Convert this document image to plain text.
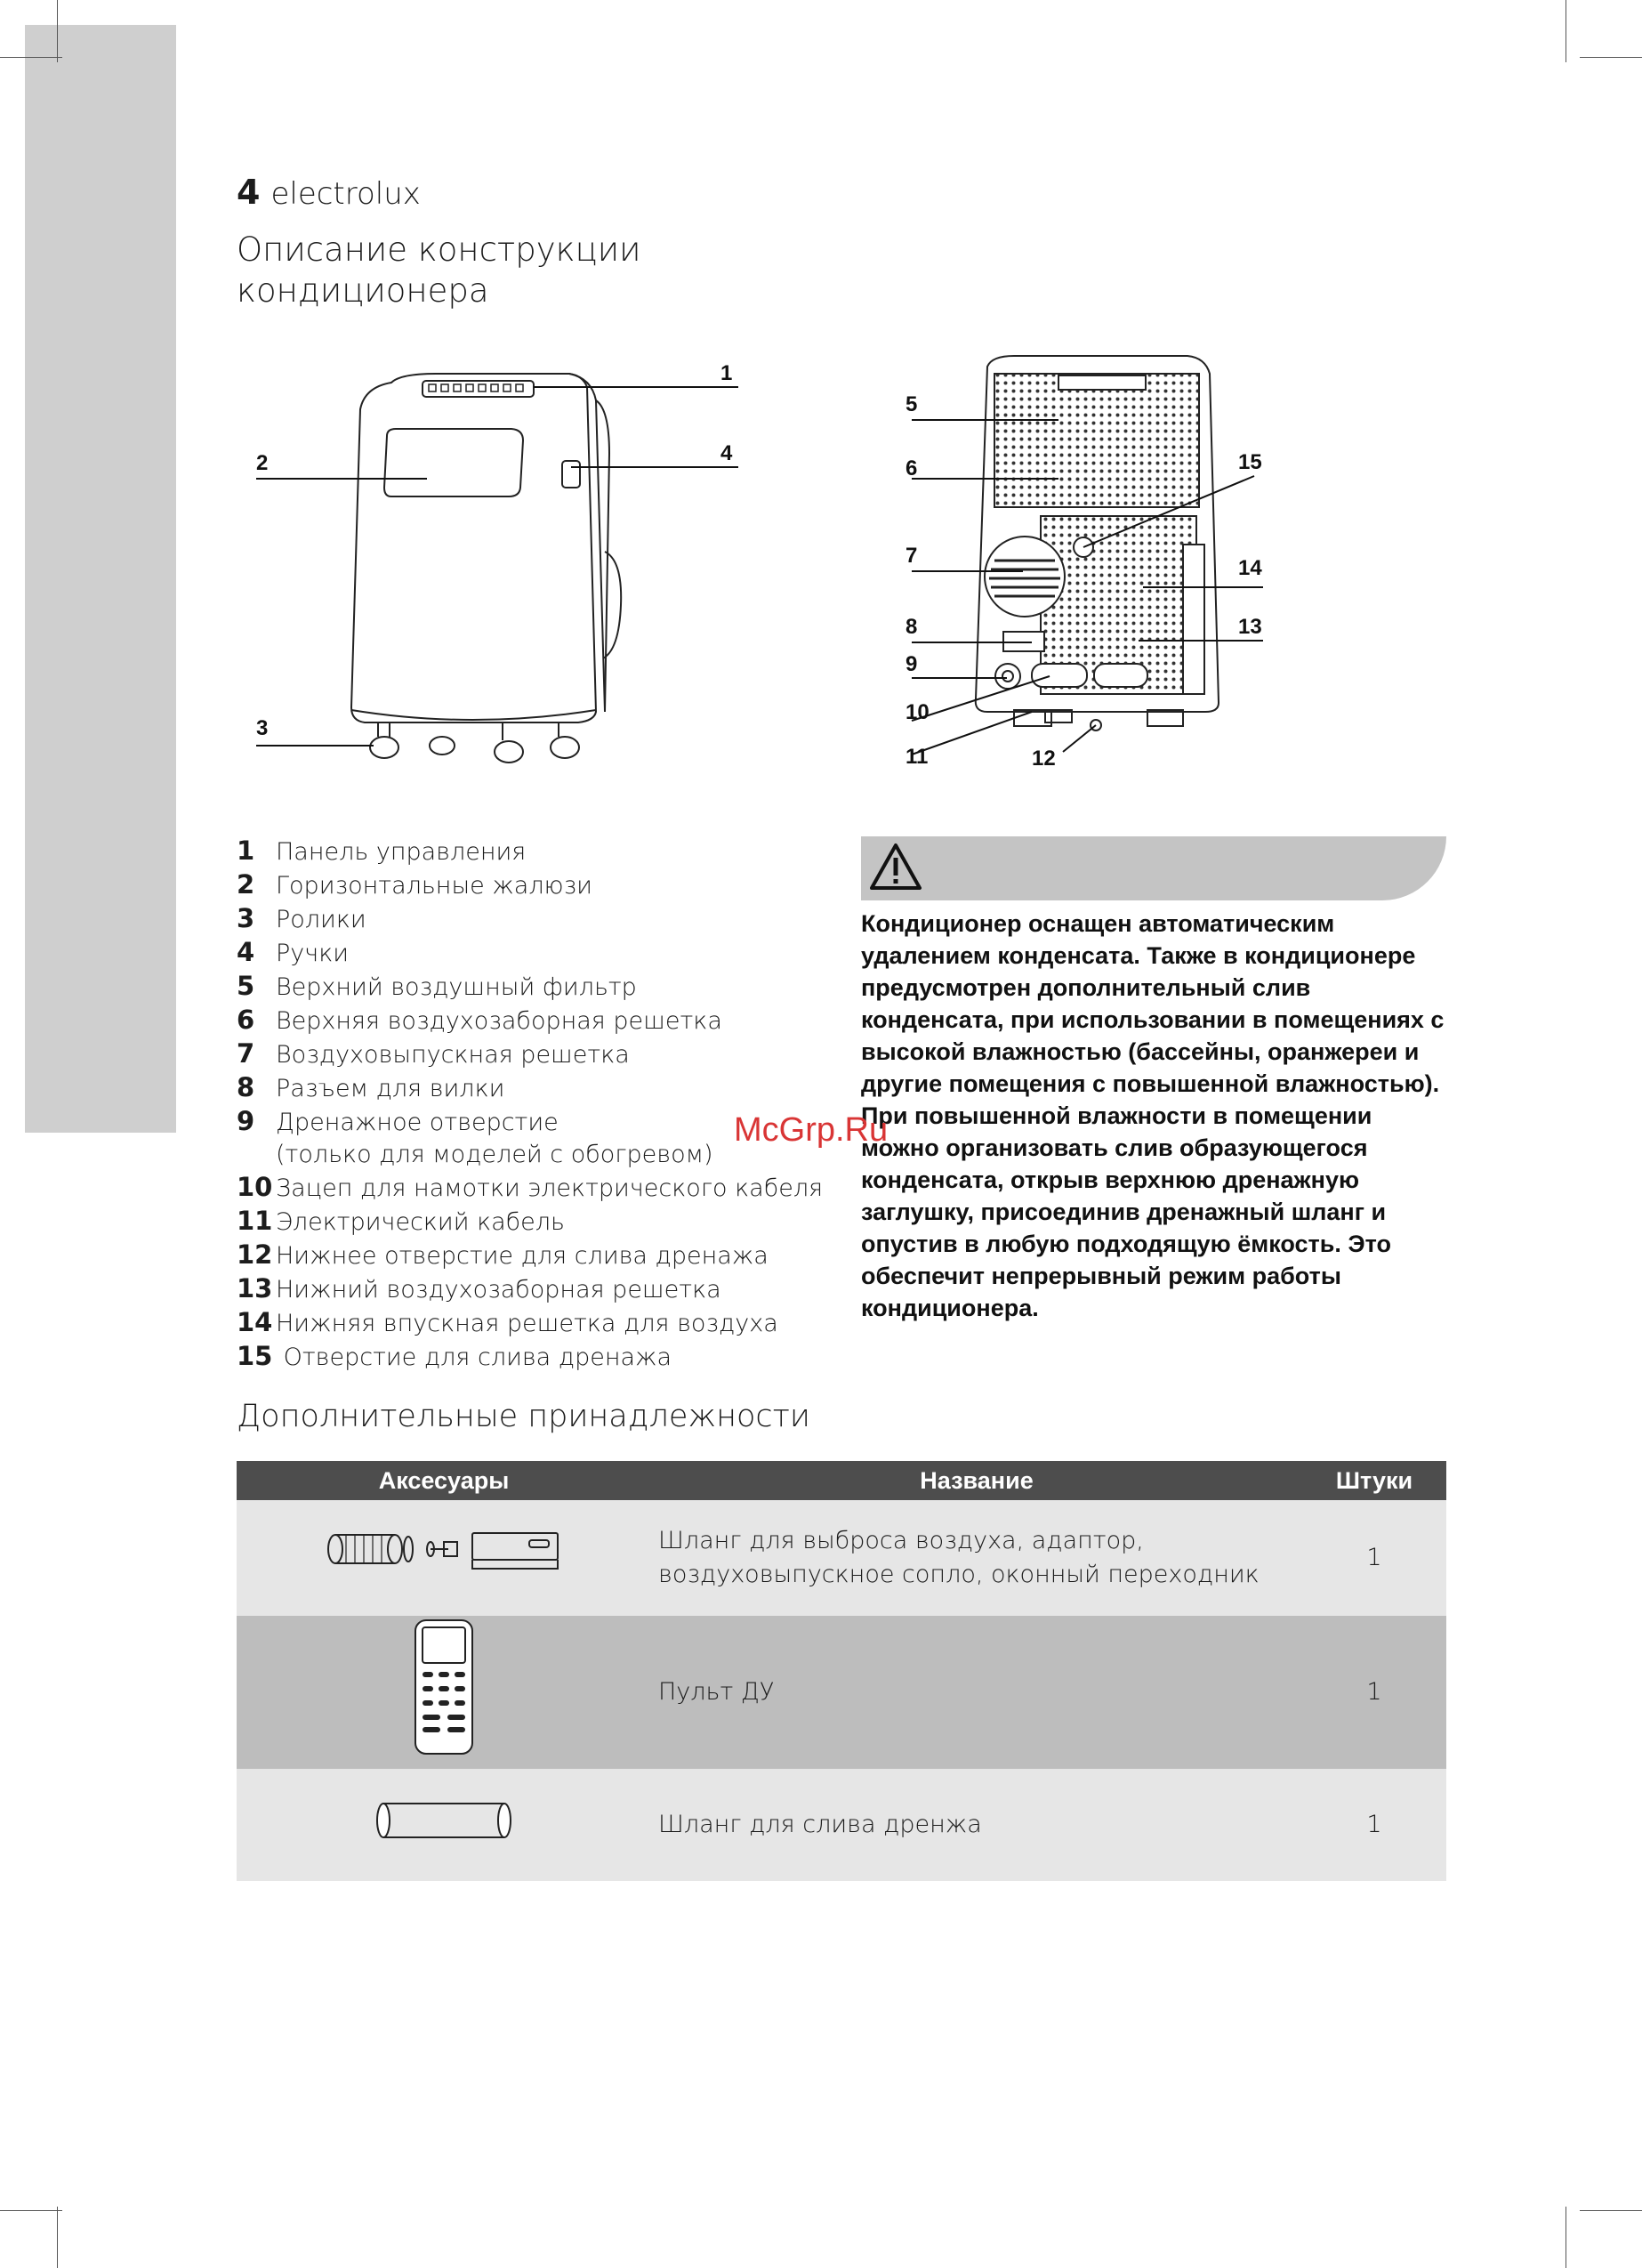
4 electrolux
Описание конструкции кондиционера
1
2	4
3
5
6
7
8
9
10
11	12
13
14
15
1 Панель управления
2 Горизонтальные жалюзи
3 Ролики
4 Ручки
5 Верхний воздушный фильтр
6 Верхняя воздухозаборная решетка
7 Воздуховыпускная решетка
8 Разъем для вилки
9 Дренажное отверстие
(только для моделей с обогревом)
10 Зацеп для намотки электрического кабеля
11 Электрический кабель
12 Нижнее отверстие для слива дренажа
13 Нижний воздухозаборная решетка
14 Нижняя впускная решетка для воздуха
15 Отверстие для слива дренажа
Кондиционер оснащен автоматическим удалением конденсата. Также в кондиционере предусмотрен дополнительный слив конденсата, при использовании в помещениях с высокой влажностью (бассейны, оранжереи и другие помещения с повышенной влажностью). При повышенной влажности в помещении можно организовать слив образующегося конденсата, открыв верхнюю дренажную заглушку, присоединив дренажный шланг и опустив в любую подходящую ёмкость. Это обеспечит непрерывный режим работы кондиционера.
McGrp.Ru
Дополнительные принадлежности
Аксесуары	Название	Штуки
	Шланг для выброса воздуха, адаптор, воздуховыпускное сопло, оконный переходник	1
	Пульт ДУ	1
	Шланг для слива дренжа	1
